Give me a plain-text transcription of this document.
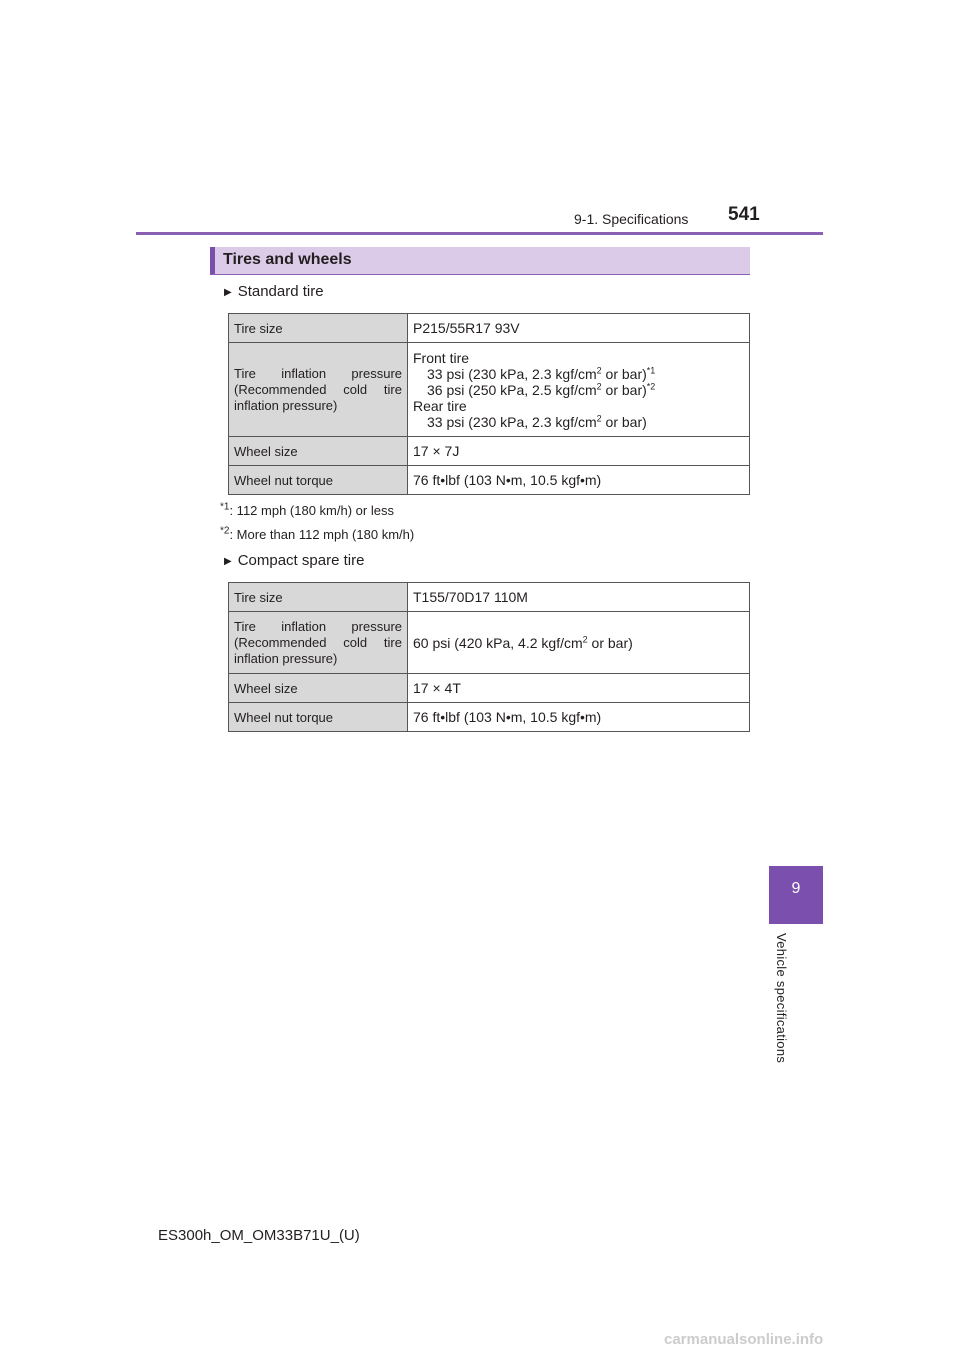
9-1. Specifications 541
Tires and wheels
▶ Standard tire
Tire size	P215/55R17 93V
Tire inflation pressure (Recommended cold tire inflation pressure)	Front tire
33 psi (230 kPa, 2.3 kgf/$cm^2$ or bar)$^{*1}$
36 psi (250 kPa, 2.5 kgf/$cm^2$ or bar)$^{*2}$
Rear tire
33 psi (230 kPa, 2.3 kgf/$cm^2$ or bar)

Wheel size	17 × 7J
Wheel nut torque	76 ft•lbf (103 N•m, 10.5 kgf•m)
$^{*1}$: 112 mph (180 km/h) or less
$^{*2}$: More than 112 mph (180 km/h)
▶ Compact spare tire
Tire size	T155/70D17 110M
Tire inflation pressure (Recommended cold tire inflation pressure)	60 psi (420 kPa, 4.2 kgf/$cm^2$ or bar)
Wheel size	17 × 4T
Wheel nut torque	76 ft•lbf (103 N•m, 10.5 kgf•m)
9
Vehicle specifications
ES300h_OM_OM33B71U_(U)
carmanualsonline.info
